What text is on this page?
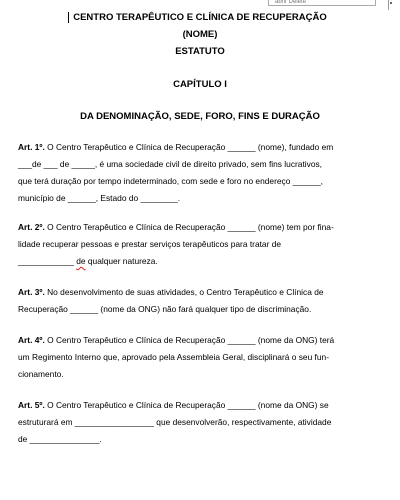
abrir Delete
CENTRO TERAPÊUTICO E CLÍNICA DE RECUPERAÇÃO
(NOME)
ESTATUTO
CAPÍTULO I
DA DENOMINAÇÃO, SEDE, FORO, FINS E DURAÇÃO
Art. 1º. O Centro Terapêutico e Clínica de Recuperação ______ (nome), fundado em
___de ___ de _____, é uma sociedade civil de direito privado, sem fins lucrativos,
que terá duração por tempo indeterminado, com sede e foro no endereço ______,
município de ______, Estado do ________.
Art. 2º. O Centro Terapêutico e Clínica de Recuperação ______ (nome) tem por fina-
lidade recuperar pessoas e prestar serviços terapêuticos para tratar de
____________ de qualquer natureza.
Art. 3º. No desenvolvimento de suas atividades, o Centro Terapêutico e Clínica de
Recuperação ______ (nome da ONG) não fará qualquer tipo de discriminação.
Art. 4º. O Centro Terapêutico e Clínica de Recuperação ______ (nome da ONG) terá
um Regimento Interno que, aprovado pela Assembleia Geral, disciplinará o seu fun-
cionamento.
Art. 5º. O Centro Terapêutico e Clínica de Recuperação ______ (nome da ONG) se
estruturará em _________________ que desenvolverão, respectivamente, atividade
de _______________.
